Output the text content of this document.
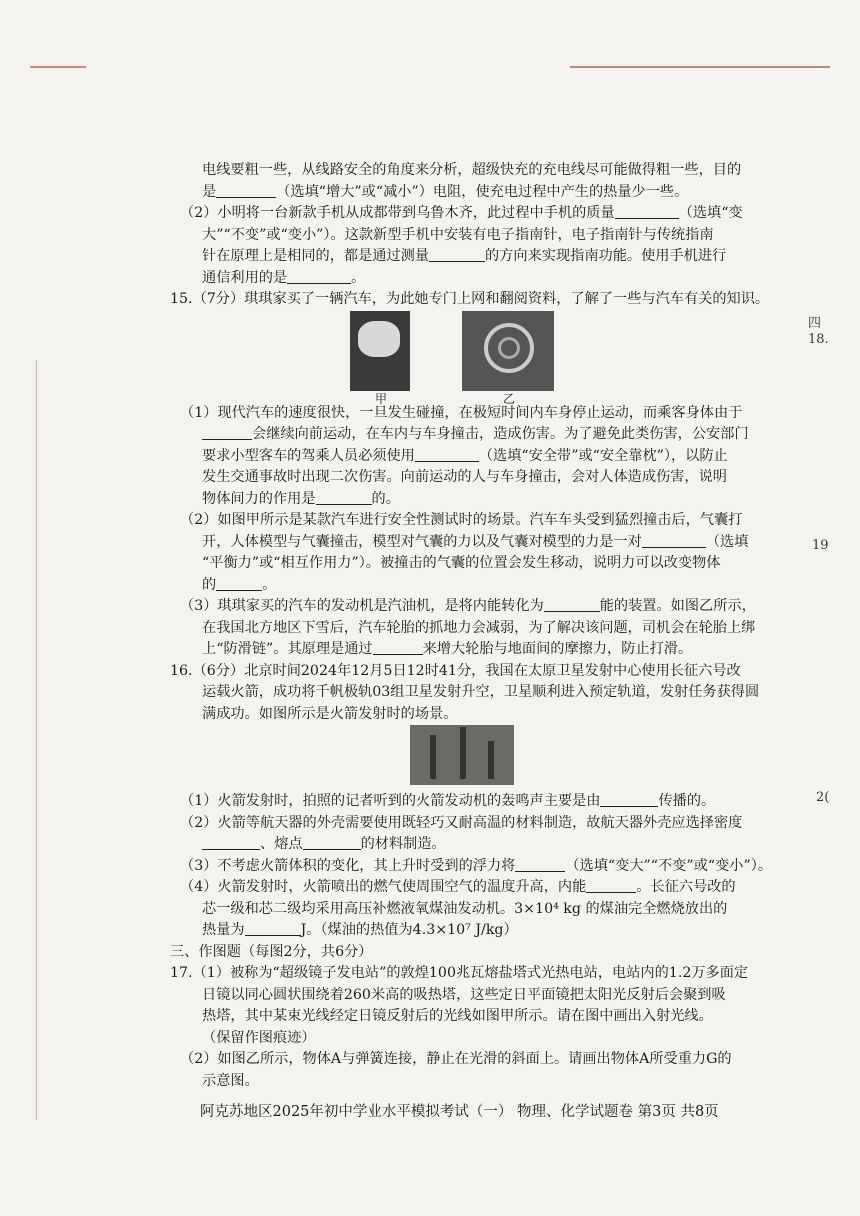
四
18.
19
2(
电线要粗一些，从线路安全的角度来分析，超级快充的充电线尽可能做得粗一些，目的
是	（选填“增大”或“减小”）电阻，使充电过程中产生的热量少一些。
（2）小明将一台新款手机从成都带到乌鲁木齐，此过程中手机的质量	（选填“变
大”“不变”或“变小”）。这款新型手机中安装有电子指南针，电子指南针与传统指南
针在原理上是相同的，都是通过测量	的方向来实现指南功能。使用手机进行
通信利用的是	。
15.（7分）琪琪家买了一辆汽车，为此她专门上网和翻阅资料，了解了一些与汽车有关的知识。
甲	乙
（1）现代汽车的速度很快，一旦发生碰撞，在极短时间内车身停止运动，而乘客身体由于
会继续向前运动，在车内与车身撞击，造成伤害。为了避免此类伤害，公安部门
要求小型客车的驾乘人员必须使用	（选填“安全带”或“安全靠枕”），以防止
发生交通事故时出现二次伤害。向前运动的人与车身撞击，会对人体造成伤害，说明
物体间力的作用是	的。
（2）如图甲所示是某款汽车进行安全性测试时的场景。汽车车头受到猛烈撞击后，气囊打
开，人体模型与气囊撞击，模型对气囊的力以及气囊对模型的力是一对	（选填
“平衡力”或“相互作用力”）。被撞击的气囊的位置会发生移动，说明力可以改变物体
的	。
（3）琪琪家买的汽车的发动机是汽油机，是将内能转化为	能的装置。如图乙所示，
在我国北方地区下雪后，汽车轮胎的抓地力会减弱，为了解决该问题，司机会在轮胎上绑
上“防滑链”。其原理是通过	来增大轮胎与地面间的摩擦力，防止打滑。
16.（6分）北京时间2024年12月5日12时41分，我国在太原卫星发射中心使用长征六号改
运载火箭，成功将千帆极轨03组卫星发射升空，卫星顺利进入预定轨道，发射任务获得圆
满成功。如图所示是火箭发射时的场景。
（1）火箭发射时，拍照的记者听到的火箭发动机的轰鸣声主要是由	传播的。
（2）火箭等航天器的外壳需要使用既轻巧又耐高温的材料制造，故航天器外壳应选择密度
、熔点	的材料制造。
（3）不考虑火箭体积的变化，其上升时受到的浮力将	（选填“变大”“不变”或“变小”）。
（4）火箭发射时，火箭喷出的燃气使周围空气的温度升高，内能	。长征六号改的
芯一级和芯二级均采用高压补燃液氧煤油发动机。3×10⁴ kg 的煤油完全燃烧放出的
热量为	J。（煤油的热值为4.3×10⁷ J/kg）
三、作图题（每图2分，共6分）
17.（1）被称为“超级镜子发电站”的敦煌100兆瓦熔盐塔式光热电站，电站内的1.2万多面定
日镜以同心圆状围绕着260米高的吸热塔，这些定日平面镜把太阳光反射后会聚到吸
热塔，其中某束光线经定日镜反射后的光线如图甲所示。请在图中画出入射光线。
（保留作图痕迹）
（2）如图乙所示，物体A与弹簧连接，静止在光滑的斜面上。请画出物体A所受重力G的
示意图。
阿克苏地区2025年初中学业水平模拟考试（一） 物理、化学试题卷 第3页 共8页
